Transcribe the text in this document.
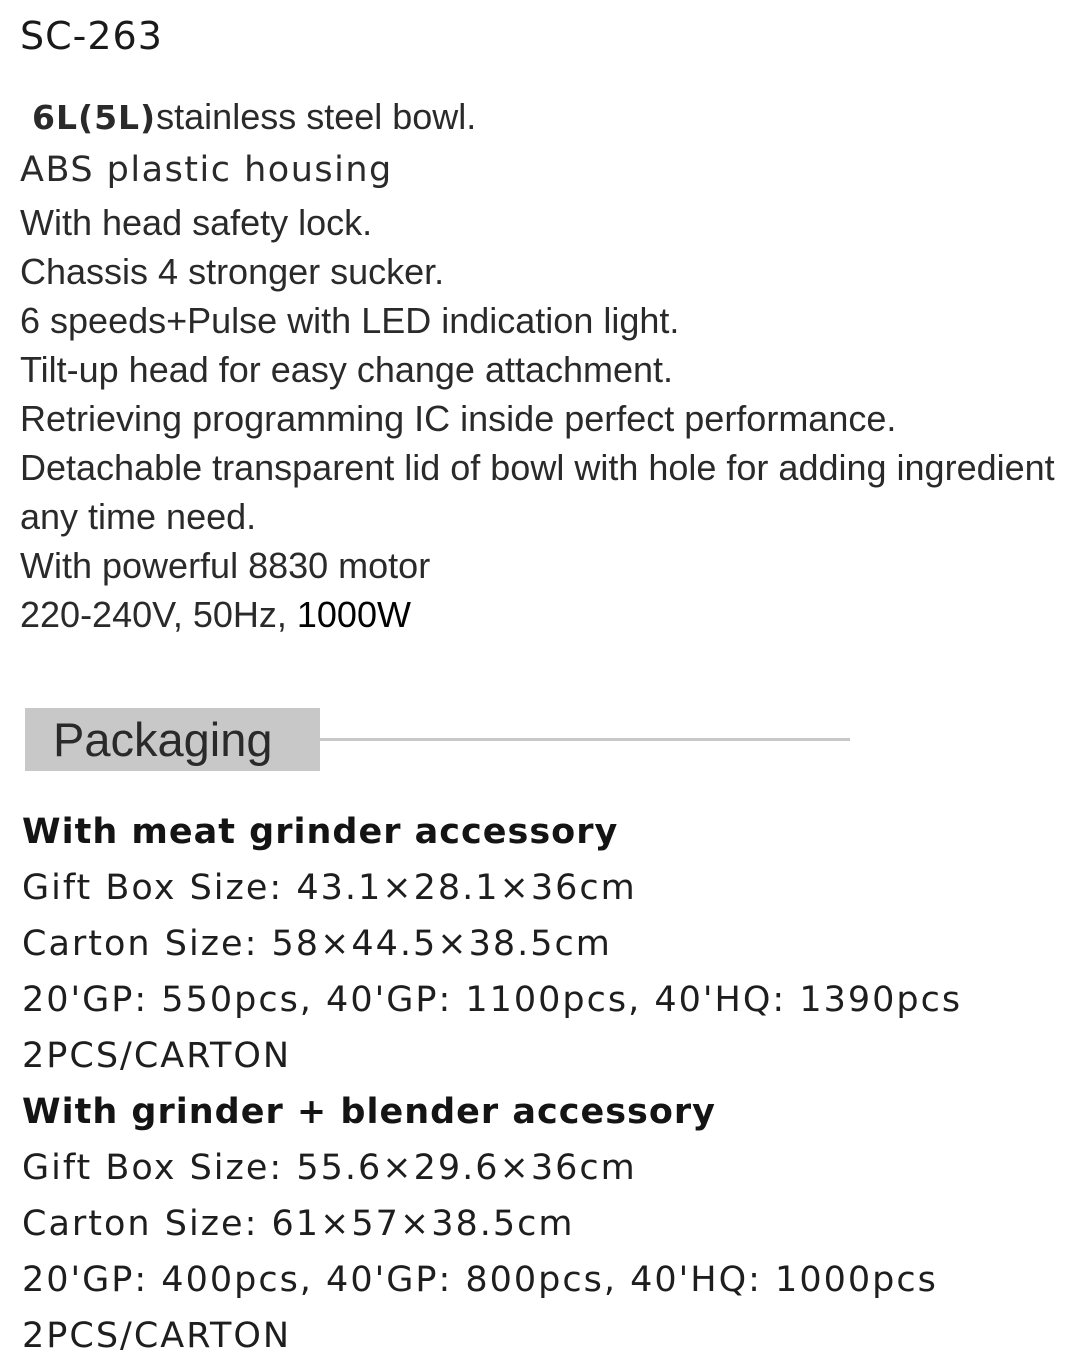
SC-263
6L(5L)stainless steel bowl.
ABS plastic housing
With head safety lock.
Chassis 4 stronger sucker.
6 speeds+Pulse with LED indication light.
Tilt-up head for easy change attachment.
Retrieving programming IC inside perfect performance.
Detachable transparent lid of bowl with hole for adding ingredient any time need.
With powerful 8830 motor
220-240V, 50Hz, 1000W
Packaging
With meat grinder accessory
Gift Box Size: 43.1×28.1×36cm
Carton Size: 58×44.5×38.5cm
20'GP: 550pcs, 40'GP: 1100pcs, 40'HQ: 1390pcs
2PCS/CARTON
With grinder + blender accessory
Gift Box Size: 55.6×29.6×36cm
Carton Size: 61×57×38.5cm
20'GP: 400pcs, 40'GP: 800pcs, 40'HQ: 1000pcs
2PCS/CARTON
